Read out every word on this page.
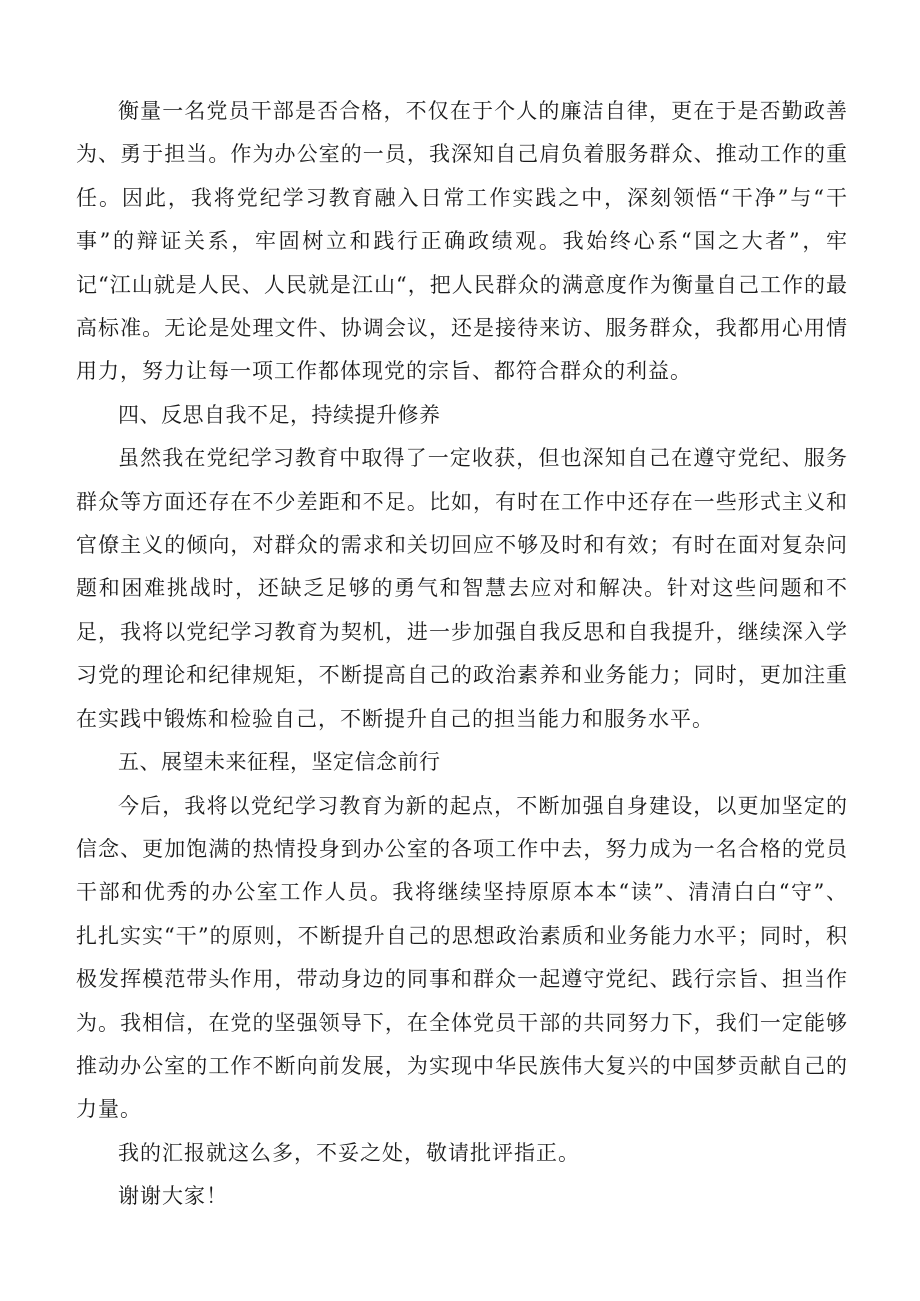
衡量一名党员干部是否合格，不仅在于个人的廉洁自律，更在于是否勤政善为、勇于担当。作为办公室的一员，我深知自己肩负着服务群众、推动工作的重任。因此，我将党纪学习教育融入日常工作实践之中，深刻领悟“干净”与“干事”的辩证关系，牢固树立和践行正确政绩观。我始终心系“国之大者”，牢记“江山就是人民、人民就是江山“，把人民群众的满意度作为衡量自己工作的最高标准。无论是处理文件、协调会议，还是接待来访、服务群众，我都用心用情用力，努力让每一项工作都体现党的宗旨、都符合群众的利益。

四、反思自我不足，持续提升修养

虽然我在党纪学习教育中取得了一定收获，但也深知自己在遵守党纪、服务群众等方面还存在不少差距和不足。比如，有时在工作中还存在一些形式主义和官僚主义的倾向，对群众的需求和关切回应不够及时和有效；有时在面对复杂问题和困难挑战时，还缺乏足够的勇气和智慧去应对和解决。针对这些问题和不足，我将以党纪学习教育为契机，进一步加强自我反思和自我提升，继续深入学习党的理论和纪律规矩，不断提高自己的政治素养和业务能力；同时，更加注重在实践中锻炼和检验自己，不断提升自己的担当能力和服务水平。

五、展望未来征程，坚定信念前行

今后，我将以党纪学习教育为新的起点，不断加强自身建设，以更加坚定的信念、更加饱满的热情投身到办公室的各项工作中去，努力成为一名合格的党员干部和优秀的办公室工作人员。我将继续坚持原原本本“读”、清清白白“守”、扎扎实实“干”的原则，不断提升自己的思想政治素质和业务能力水平；同时，积极发挥模范带头作用，带动身边的同事和群众一起遵守党纪、践行宗旨、担当作为。我相信，在党的坚强领导下，在全体党员干部的共同努力下，我们一定能够推动办公室的工作不断向前发展，为实现中华民族伟大复兴的中国梦贡献自己的力量。

我的汇报就这么多，不妥之处，敬请批评指正。

谢谢大家！
